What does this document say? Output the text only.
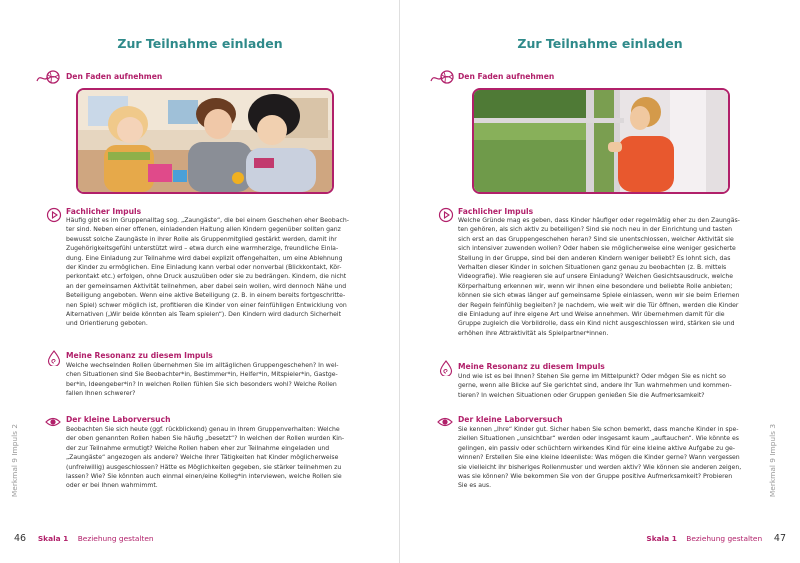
Zur Teilnahme einladen
Den Faden aufnehmen
Fachlicher Impuls
Häufig gibt es im Gruppenalltag sog. „Zaungäste“, die bei einem Geschehen eher Beobach-
ter sind. Neben einer offenen, einladenden Haltung allen Kindern gegenüber sollten ganz
bewusst solche Zaungäste in ihrer Rolle als Gruppenmitglied gestärkt werden, damit ihr
Zugehörigkeitsgefühl unterstützt wird – etwa durch eine warmherzige, freundliche Einla-
dung. Eine Einladung zur Teilnahme wird dabei explizit offengehalten, um eine Ablehnung
der Kinder zu ermöglichen. Eine Einladung kann verbal oder nonverbal (Blickkontakt, Kör-
perkontakt etc.) erfolgen, ohne Druck auszuüben oder sie zu bedrängen. Kindern, die nicht
an der gemeinsamen Aktivität teilnehmen, aber dabei sein wollen, wird dennoch Nähe und
Beteiligung angeboten. Wenn eine aktive Beteiligung (z. B. in einem bereits fortgeschritte-
nen Spiel) schwer möglich ist, profitieren die Kinder von einer feinfühligen Entwicklung von
Alternativen („Wir beide könnten als Team spielen“). Den Kindern wird dadurch Sicherheit
und Orientierung geboten.
Meine Resonanz zu diesem Impuls
Welche wechselnden Rollen übernehmen Sie im alltäglichen Gruppengeschehen? In wel-
chen Situationen sind Sie Beobachter*in, Bestimmer*in, Helfer*in, Mitspieler*in, Gastge-
ber*in, Ideengeber*in? In welchen Rollen fühlen Sie sich besonders wohl? Welche Rollen
fallen Ihnen schwerer?
Der kleine Laborversuch
Beobachten Sie sich heute (ggf. rückblickend) genau in Ihrem Gruppenverhalten: Welche
der oben genannten Rollen haben Sie häufig „besetzt“? In welchen der Rollen wurden Kin-
der zur Teilnahme ermutigt? Welche Rollen haben eher zur Teilnahme eingeladen und
„Zaungäste“ angezogen als andere? Welche Ihrer Tätigkeiten hat Kinder möglicherweise
(unfreiwillig) ausgeschlossen? Hätte es Möglichkeiten gegeben, sie stärker teilnehmen zu
lassen? Wie? Sie könnten auch einmal einen/eine Kolleg*in interviewen, welche Rollen sie
oder er bei Ihnen wahrnimmt.
Merkmal 9 Impuls 2
46 Skala 1 Beziehung gestalten
Zur Teilnahme einladen
Den Faden aufnehmen
Fachlicher Impuls
Welche Gründe mag es geben, dass Kinder häufiger oder regelmäßig eher zu den Zaungäs-
ten gehören, als sich aktiv zu beteiligen? Sind sie noch neu in der Einrichtung und tasten
sich erst an das Gruppengeschehen heran? Sind sie unentschlossen, welcher Aktivität sie
sich intensiver zuwenden wollen? Oder haben sie möglicherweise eine weniger gesicherte
Stellung in der Gruppe, sind bei den anderen Kindern weniger beliebt? Es lohnt sich, das
Verhalten dieser Kinder in solchen Situationen ganz genau zu beobachten (z. B. mittels
Videografie). Wie reagieren sie auf unsere Einladung? Welchen Gesichtsausdruck, welche
Körperhaltung erkennen wir, wenn wir ihnen eine besondere und beliebte Rolle anbieten;
können sie sich etwas länger auf gemeinsame Spiele einlassen, wenn wir sie beim Erlernen
der Regeln feinfühlig begleiten? Je nachdem, wie weit wir die Tür öffnen, werden die Kinder
die Einladung auf ihre eigene Art und Weise annehmen. Wir übernehmen damit für die
Gruppe zugleich die Vorbildrolle, dass ein Kind nicht ausgeschlossen wird, stärken sie und
erhöhen ihre Attraktivität als Spielpartner*innen.
Meine Resonanz zu diesem Impuls
Und wie ist es bei Ihnen? Stehen Sie gerne im Mittelpunkt? Oder mögen Sie es nicht so
gerne, wenn alle Blicke auf Sie gerichtet sind, andere Ihr Tun wahrnehmen und kommen-
tieren? In welchen Situationen oder Gruppen genießen Sie die Aufmerksamkeit?
Der kleine Laborversuch
Sie kennen „Ihre“ Kinder gut. Sicher haben Sie schon bemerkt, dass manche Kinder in spe-
ziellen Situationen „unsichtbar“ werden oder insgesamt kaum „auftauchen“. Wie könnte es
gelingen, ein passiv oder schüchtern wirkendes Kind für eine kleine aktive Aufgabe zu ge-
winnen? Erstellen Sie eine kleine Ideenliste: Was mögen die Kinder gerne? Wann vergessen
sie vielleicht ihr bisheriges Rollenmuster und werden aktiv? Wie können sie anderen zeigen,
was sie können? Wie bekommen Sie von der Gruppe positive Aufmerksamkeit? Probieren
Sie es aus.	Merkmal 9 Impuls 3
Skala 1 Beziehung gestalten 47
